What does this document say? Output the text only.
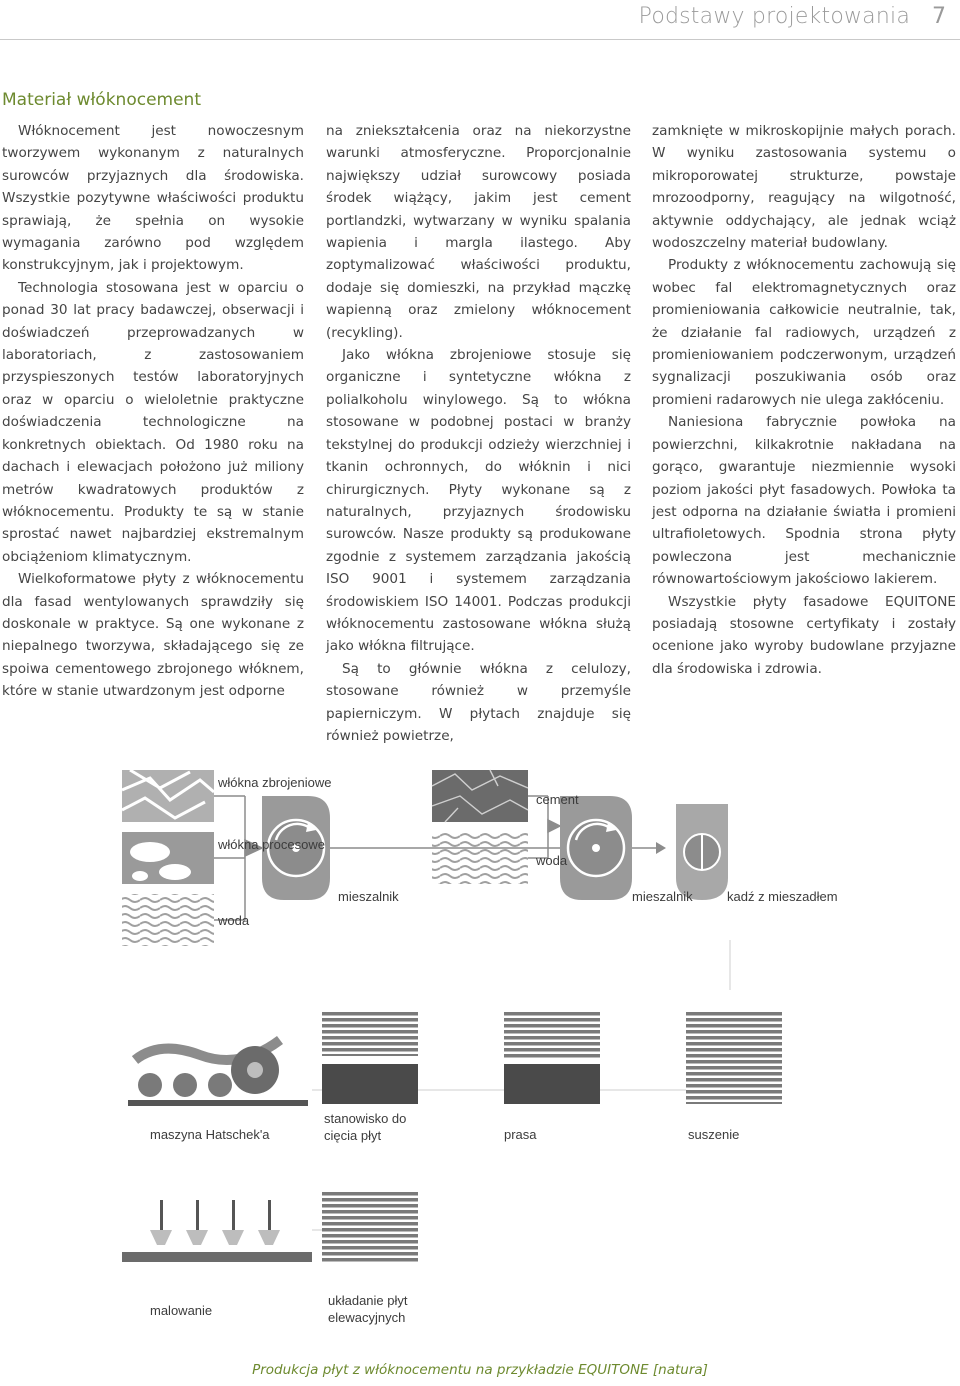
Podstawy projektowania 7
Materiał włóknocement

Włóknocement jest nowoczesnym tworzywem wykonanym z naturalnych surowców przyjaznych dla środowiska. Wszystkie pozytywne właściwości produktu sprawiają, że spełnia on wysokie wymagania zarówno pod względem konstrukcyjnym, jak i projektowym.

Technologia stosowana jest w oparciu o ponad 30 lat pracy badawczej, obserwacji i doświadczeń przeprowadzanych w laboratoriach, z zastosowaniem przyspieszonych testów laboratoryjnych oraz w oparciu o wieloletnie praktyczne doświadczenia technologiczne na konkretnych obiektach. Od 1980 roku na dachach i elewacjach położono już miliony metrów kwadratowych produktów z włóknocementu. Produkty te są w stanie sprostać nawet najbardziej ekstremalnym obciążeniom klimatycznym.

Wielkoformatowe płyty z włóknocementu dla fasad wentylowanych sprawdziły się doskonale w praktyce. Są one wykonane z niepalnego tworzywa, składającego się ze spoiwa cementowego zbrojonego włóknem, które w stanie utwardzonym jest odporne

na zniekształcenia oraz na niekorzystne warunki atmosferyczne. Proporcjonalnie największy udział surowcowy posiada środek wiążący, jakim jest cement portlandzki, wytwarzany w wyniku spalania wapienia i margla ilastego. Aby zoptymalizować właściwości produktu, dodaje się domieszki, na przykład mączkę wapienną oraz zmielony włóknocement (recykling).

Jako włókna zbrojeniowe stosuje się organiczne i syntetyczne włókna z polialkoholu winylowego. Są to włókna stosowane w podobnej postaci w branży tekstylnej do produkcji odzieży wierzchniej i tkanin ochronnych, do włóknin i nici chirurgicznych. Płyty wykonane są z naturalnych, przyjaznych środowisku surowców. Nasze produkty są produkowane zgodnie z systemem zarządzania jakością ISO 9001 i systemem zarządzania środowiskiem ISO 14001. Podczas produkcji włóknocementu zastosowane włókna służą jako włókna filtrujące.

Są to głównie włókna z celulozy, stosowane również w przemyśle papierniczym. W płytach znajduje się również powietrze,

zamknięte w mikroskopijnie małych porach. W wyniku zastosowania systemu o mikroporowatej strukturze, powstaje mrozoodporny, reagujący na wilgotność, aktywnie oddychający, ale jednak wciąż wodoszczelny materiał budowlany.

Produkty z włóknocementu zachowują się wobec fal elektromagnetycznych oraz promieniowania całkowicie neutralnie, tak, że działanie fal radiowych, urządzeń z promieniowaniem podczerwonym, urządzeń sygnalizacji poszukiwania osób oraz promieni radarowych nie ulega zakłóceniu.

Naniesiona fabrycznie powłoka na powierzchni, kilkakrotnie nakładana na gorąco, gwarantuje niezmiennie wysoki poziom jakości płyt fasadowych. Powłoka ta jest odporna na działanie światła i promieni ultrafioletowych. Spodnia strona płyty powleczona jest mechanicznie równowartościowym jakościowo lakierem.

Wszystkie płyty fasadowe EQUITONE posiadają stosowne certyfikaty i zostały ocenione jako wyroby budowlane przyjazne dla środowiska i zdrowia.

włókna zbrojeniowe
włókna procesowe
woda
cement
woda
mieszalnik	mieszalnik	kadź z mieszadłem
maszyna Hatschek'a
stanowisko do cięcia płyt	prasa	suszenie
malowanie
układanie płyt elewacyjnych
Produkcja płyt z włóknocementu na przykładzie EQUITONE [natura]
